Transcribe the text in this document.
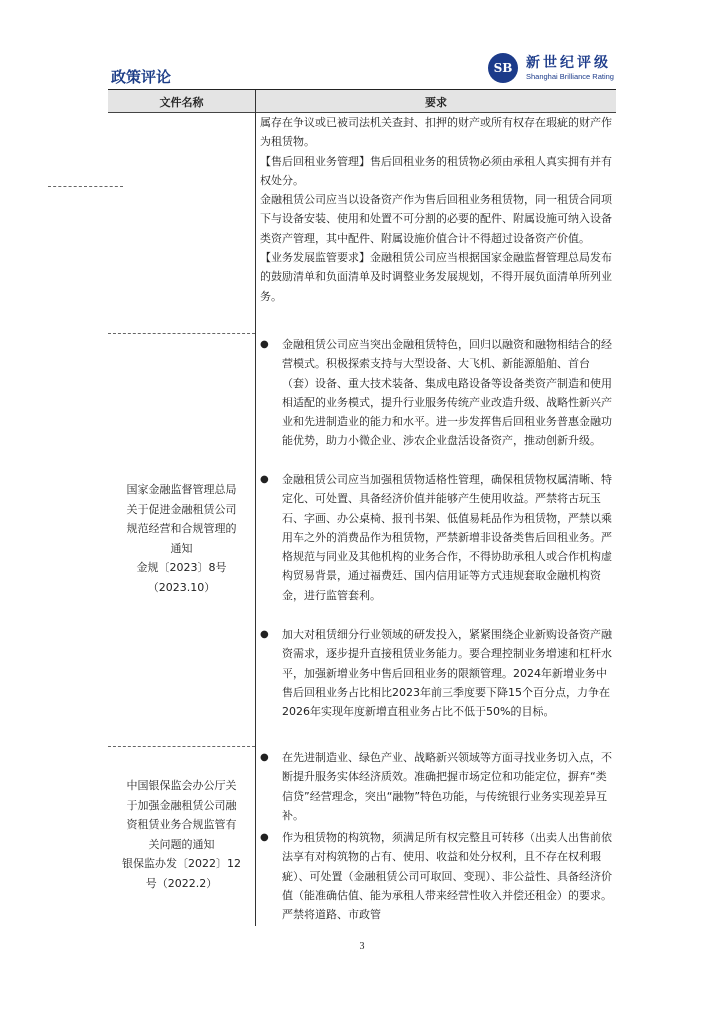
政策评论	SB 新世纪评级
Shanghai Brilliance Rating
文件名称	要求

属存在争议或已被司法机关查封、扣押的财产或所有权存在瑕疵的财产作为租赁物。

【售后回租业务管理】售后回租业务的租赁物必须由承租人真实拥有并有权处分。

金融租赁公司应当以设备资产作为售后回租业务租赁物，同一租赁合同项下与设备安装、使用和处置不可分割的必要的配件、附属设施可纳入设备类资产管理，其中配件、附属设施价值合计不得超过设备资产价值。

【业务发展监管要求】金融租赁公司应当根据国家金融监督管理总局发布的鼓励清单和负面清单及时调整业务发展规划，不得开展负面清单所列业务。

国家金融监督管理总局
关于促进金融租赁公司
规范经营和合规管理的
通知
金规〔2023〕8号
（2023.10）
● 金融租赁公司应当突出金融租赁特色，回归以融资和融物相结合的经营模式。积极探索支持与大型设备、大飞机、新能源船舶、首台（套）设备、重大技术装备、集成电路设备等设备类资产制造和使用相适配的业务模式，提升行业服务传统产业改造升级、战略性新兴产业和先进制造业的能力和水平。进一步发挥售后回租业务普惠金融功能优势，助力小微企业、涉农企业盘活设备资产，推动创新升级。
● 金融租赁公司应当加强租赁物适格性管理，确保租赁物权属清晰、特定化、可处置、具备经济价值并能够产生使用收益。严禁将古玩玉石、字画、办公桌椅、报刊书架、低值易耗品作为租赁物，严禁以乘用车之外的消费品作为租赁物，严禁新增非设备类售后回租业务。严格规范与同业及其他机构的业务合作，不得协助承租人或合作机构虚构贸易背景，通过福费廷、国内信用证等方式违规套取金融机构资金，进行监管套利。
● 加大对租赁细分行业领域的研发投入，紧紧围绕企业新购设备资产融资需求，逐步提升直接租赁业务能力。要合理控制业务增速和杠杆水平，加强新增业务中售后回租业务的限额管理。2024年新增业务中售后回租业务占比相比2023年前三季度要下降15个百分点，力争在2026年实现年度新增直租业务占比不低于50%的目标。
中国银保监会办公厅关
于加强金融租赁公司融
资租赁业务合规监管有
关问题的通知
银保监办发〔2022〕12
号（2022.2）
● 在先进制造业、绿色产业、战略新兴领域等方面寻找业务切入点，不断提升服务实体经济质效。准确把握市场定位和功能定位，摒弃“类信贷”经营理念，突出“融物”特色功能，与传统银行业务实现差异互补。
● 作为租赁物的构筑物，须满足所有权完整且可转移（出卖人出售前依法享有对构筑物的占有、使用、收益和处分权利，且不存在权利瑕疵）、可处置（金融租赁公司可取回、变现）、非公益性、具备经济价值（能准确估值、能为承租人带来经营性收入并偿还租金）的要求。严禁将道路、市政管
3
